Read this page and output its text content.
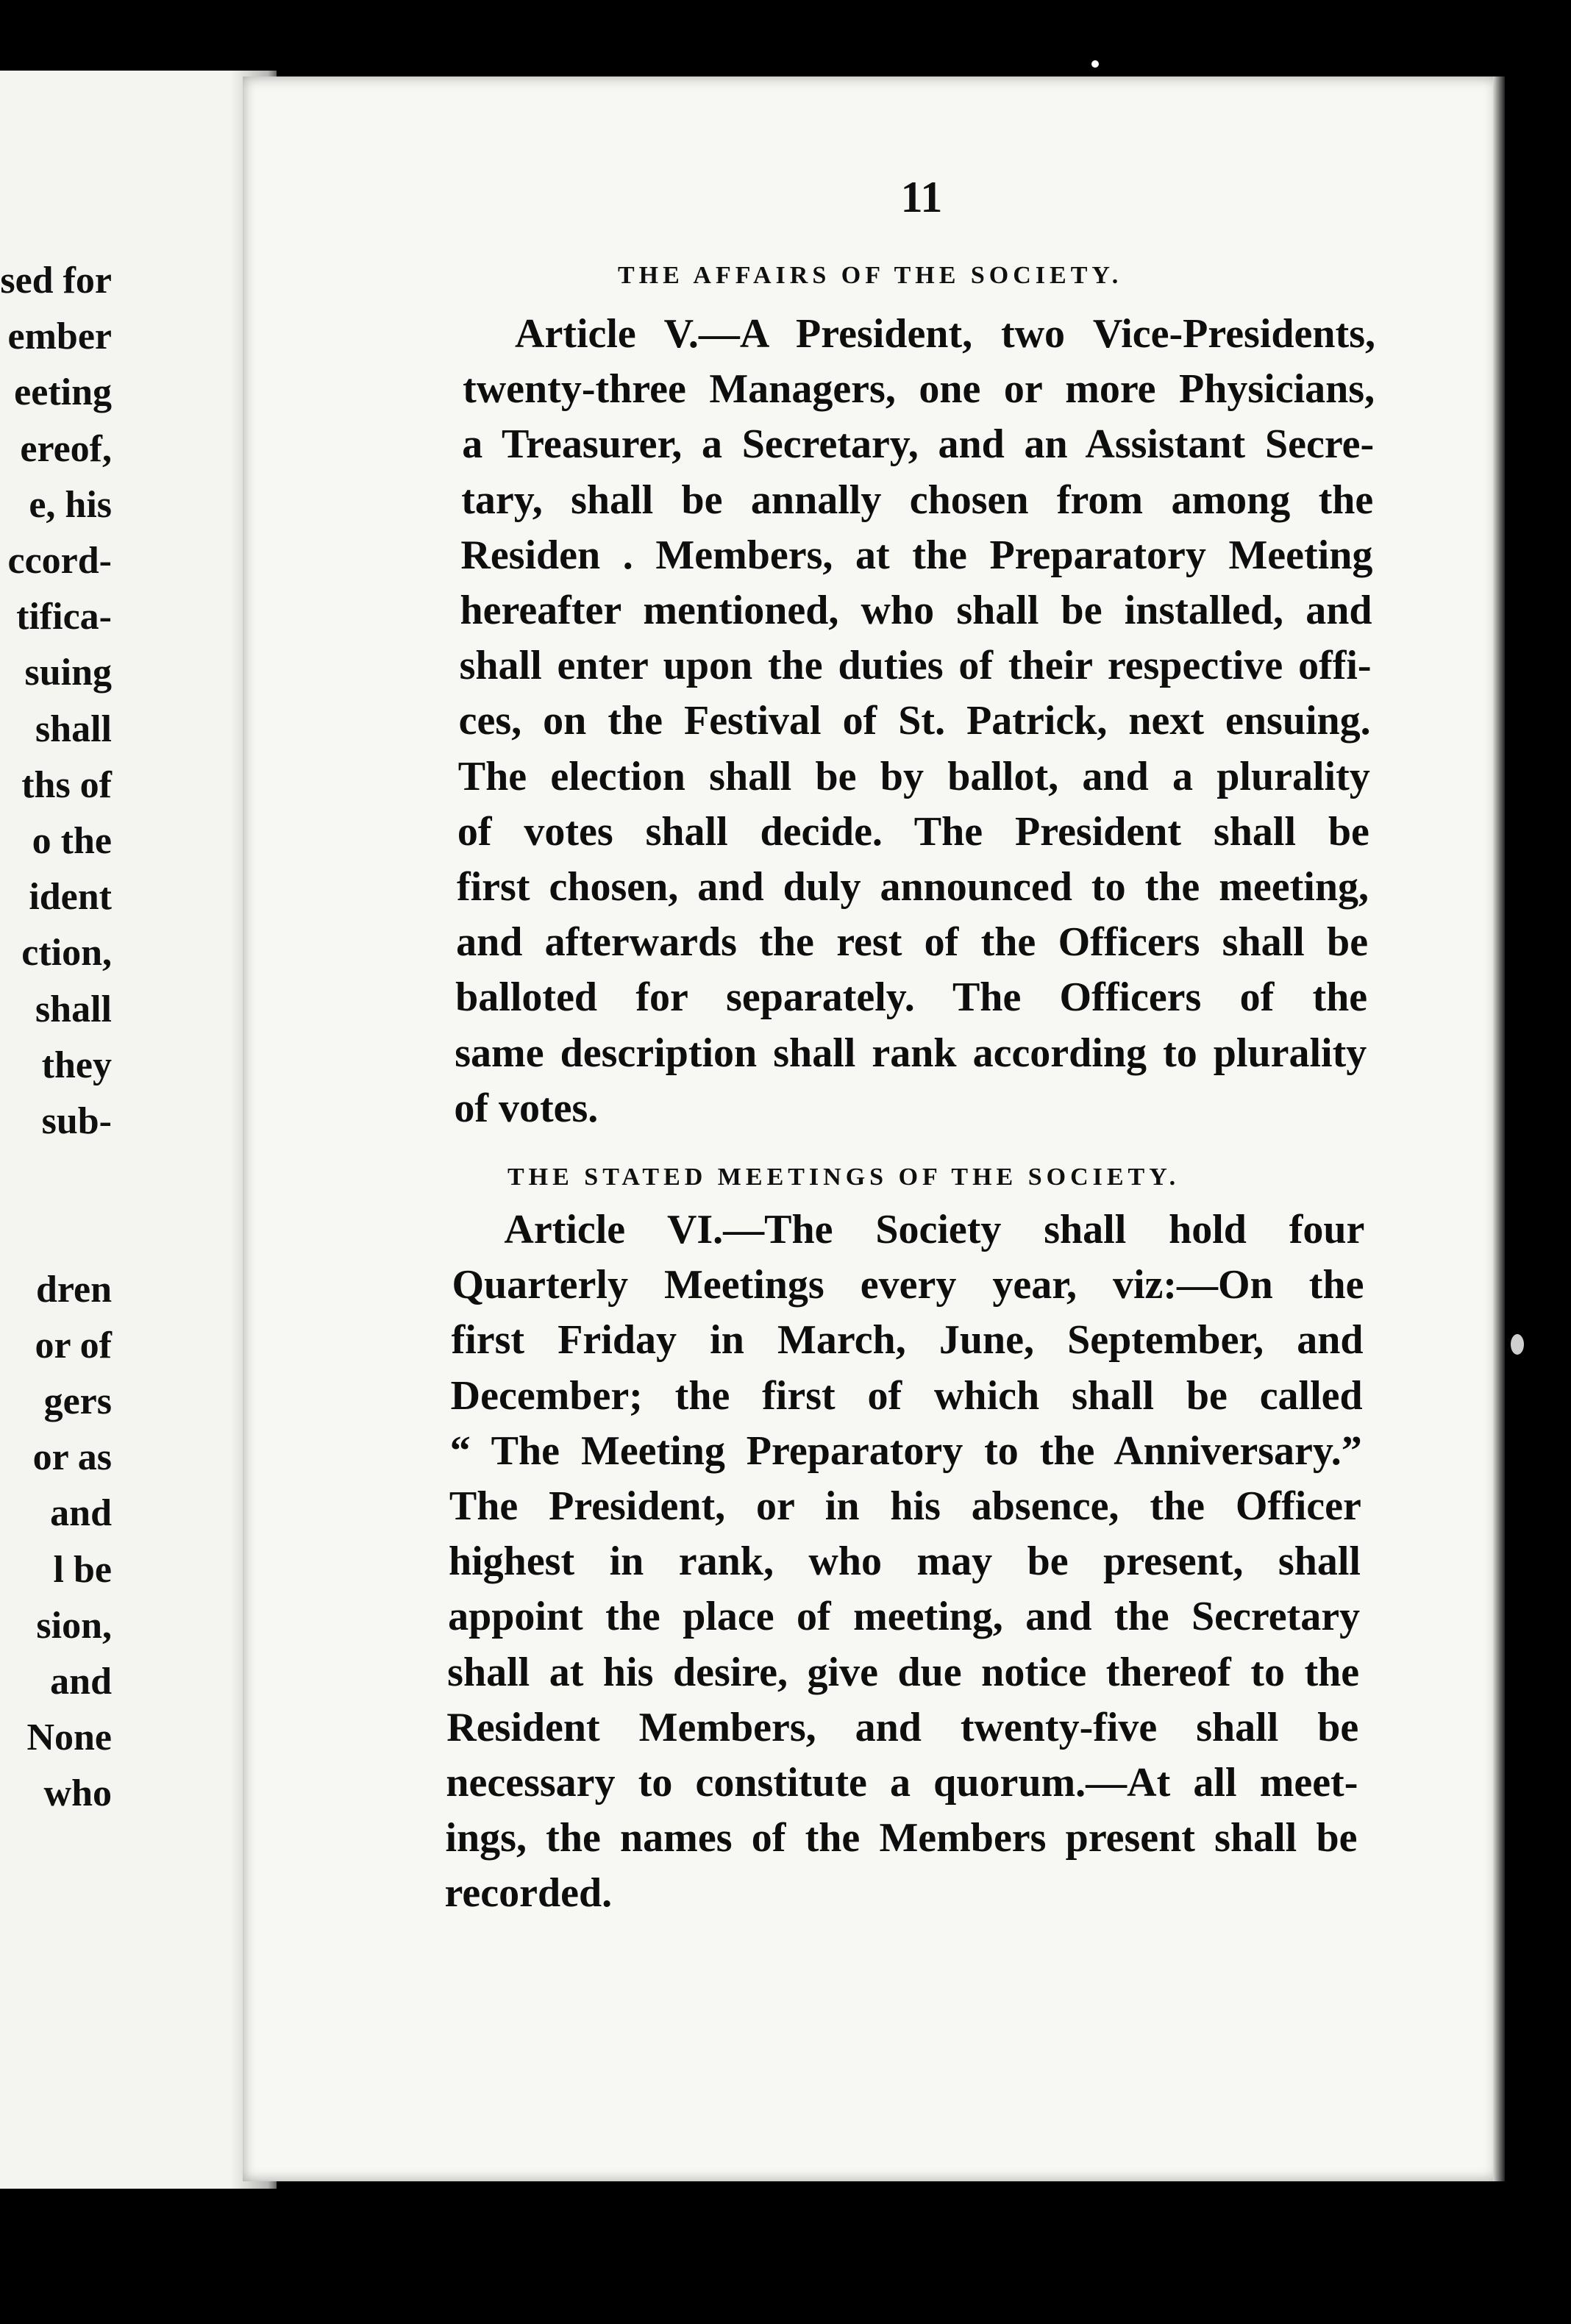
sed for
ember
eeting
ereof,
e, his
ccord-
tifica-
suing
shall
ths of
o the
ident
ction,
shall
they
sub-
dren
or of
gers
or as
and
l be
sion,
and
None
who
11
THE AFFAIRS OF THE SOCIETY.
THE STATED MEETINGS OF THE SOCIETY.
Article V.—A President, two Vice-Presidents,
twenty-three Managers, one or more Physicians,
a Treasurer, a Secretary, and an Assistant Secre-
tary, shall be annally chosen from among the
Residen . Members, at the Preparatory Meeting
hereafter mentioned, who shall be installed, and
shall enter upon the duties of their respective offi-
ces, on the Festival of St. Patrick, next ensuing.
The election shall be by ballot, and a plurality
of votes shall decide. The President shall be
first chosen, and duly announced to the meeting,
and afterwards the rest of the Officers shall be
balloted for separately. The Officers of the
same description shall rank according to plurality
of votes.
Article VI.—The Society shall hold four
Quarterly Meetings every year, viz:—On the
first Friday in March, June, September, and
December; the first of which shall be called
“ The Meeting Preparatory to the Anniversary.”
The President, or in his absence, the Officer
highest in rank, who may be present, shall
appoint the place of meeting, and the Secretary
shall at his desire, give due notice thereof to the
Resident Members, and twenty-five shall be
necessary to constitute a quorum.—At all meet-
ings, the names of the Members present shall be
recorded.
